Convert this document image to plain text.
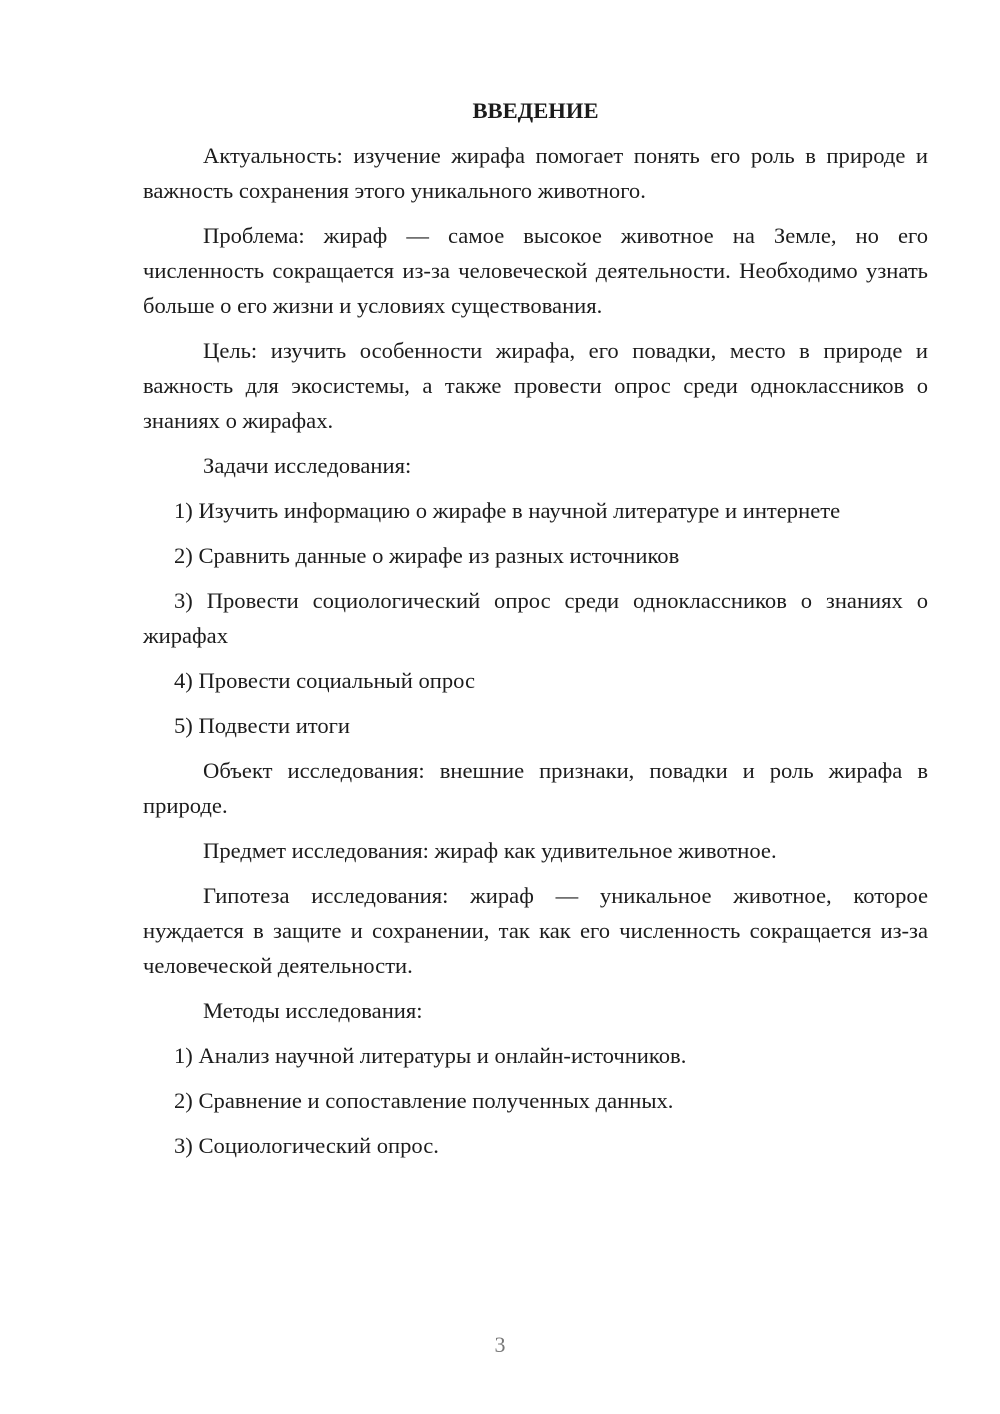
ВВЕДЕНИЕ

Актуальность: изучение жирафа помогает понять его роль в природе и важность сохранения этого уникального животного.

Проблема: жираф — самое высокое животное на Земле, но его численность сокращается из-за человеческой деятельности. Необходимо узнать больше о его жизни и условиях существования.

Цель: изучить особенности жирафа, его повадки, место в природе и важность для экосистемы, а также провести опрос среди одноклассников о знаниях о жирафах.

Задачи исследования:

1) Изучить информацию о жирафе в научной литературе и интернете

2) Сравнить данные о жирафе из разных источников

3) Провести социологический опрос среди одноклассников о знаниях о жирафах

4) Провести социальный опрос

5) Подвести итоги

Объект исследования: внешние признаки, повадки и роль жирафа в природе.

Предмет исследования: жираф как удивительное животное.

Гипотеза исследования: жираф — уникальное животное, которое нуждается в защите и сохранении, так как его численность сокращается из-за человеческой деятельности.

Методы исследования:

1) Анализ научной литературы и онлайн-источников.

2) Сравнение и сопоставление полученных данных.

3) Социологический опрос.

3
